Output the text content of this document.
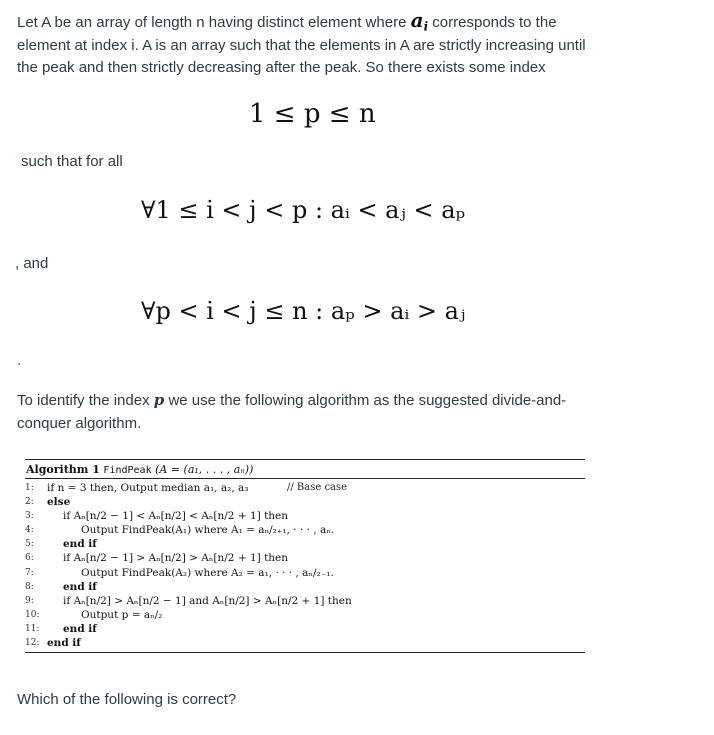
Let A be an array of length n having distinct element where $a_i$ corresponds to the element at index i. A is an array such that the elements in A are strictly increasing until the peak and then strictly decreasing after the peak. So there exists some index
1 ≤ p ≤ n
such that for all
∀1 ≤ i < j < p : aᵢ < aⱼ < aₚ
, and
∀p < i < j ≤ n : aₚ > aᵢ > aⱼ
.
To identify the index p we use the following algorithm as the suggested divide-and-conquer algorithm.
Algorithm 1 FindPeak (A = (a₁, . . . , aₙ))
1:	if n = 3 then, Output median a₁, a₂, a₃	// Base case
2:	else
3:	if Aₙ[n/2 − 1] < Aₙ[n/2] < Aₙ[n/2 + 1] then
4:	Output FindPeak(A₁) where A₁ = aₙ/₂₊₁, · · · , aₙ.
5:	end if
6:	if Aₙ[n/2 − 1] > Aₙ[n/2] > Aₙ[n/2 + 1] then
7:	Output FindPeak(A₂) where A₂ = a₁, · · · , aₙ/₂₋₁.
8:	end if
9:	if Aₙ[n/2] > Aₙ[n/2 − 1] and Aₙ[n/2] > Aₙ[n/2 + 1] then
10:	Output p = aₙ/₂
11: end if
12: end if
Which of the following is correct?
